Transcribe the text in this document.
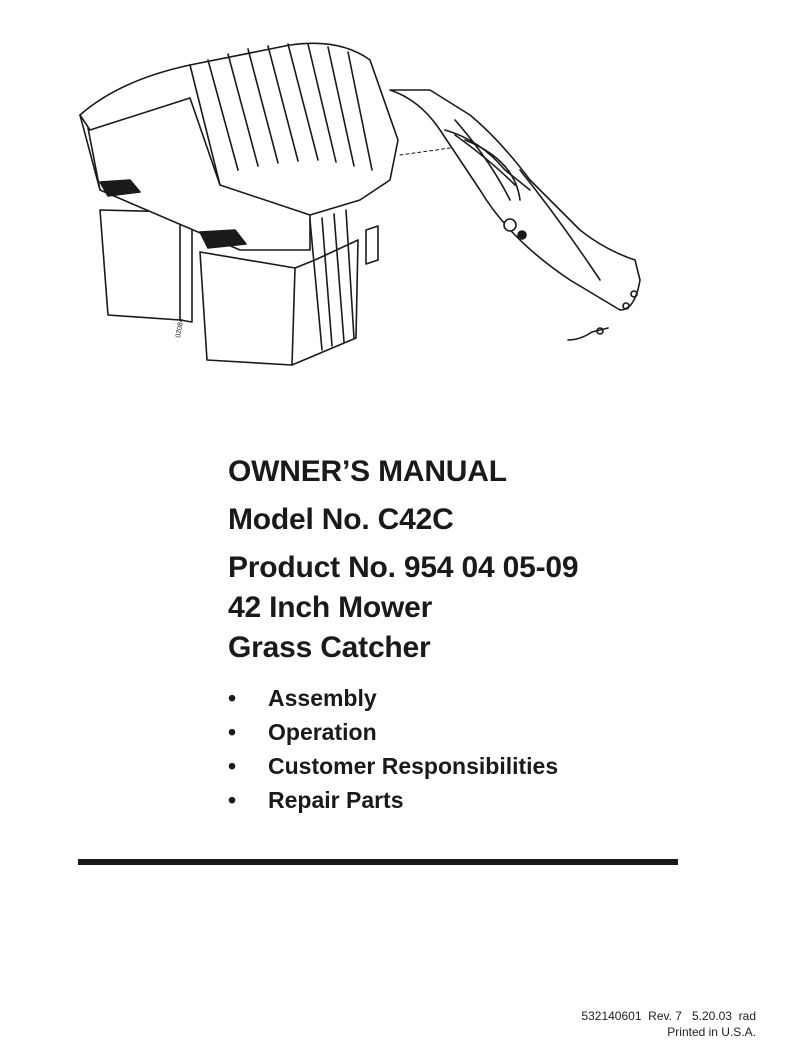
02084
OWNER’S MANUAL
Model No. C42C
Product No. 954 04 05-09
42 Inch Mower
Grass Catcher
• Assembly
• Operation
• Customer Responsibilities
• Repair Parts
532140601  Rev. 7   5.20.03  rad
Printed in U.S.A.
